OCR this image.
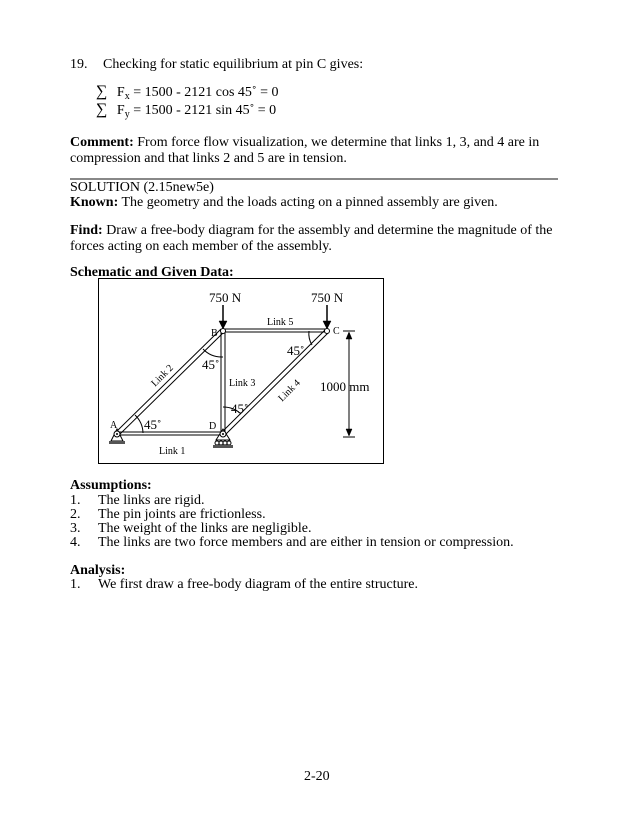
19. Checking for static equilibrium at pin C gives:
∑ $F_x = 1500 - 2121$ cos 45˚ = 0
∑ $F_y = 1500 - 2121$ sin 45˚ = 0
Comment: From force flow visualization, we determine that links 1, 3, and 4 are in
compression and that links 2 and 5 are in tension.
SOLUTION (2.15new5e)
Known: The geometry and the loads acting on a pinned assembly are given.
Find: Draw a free-body diagram for the assembly and determine the magnitude of the
forces acting on each member of the assembly.
Schematic and Given Data:
750 N	750 N
1000 mm
45˚
45˚
45˚
45˚
A
B	C
D
Link 1
Link 5
Link 3
Link 2
Link 4
Assumptions:
1. The links are rigid.
2. The pin joints are frictionless.
3. The weight of the links are negligible.
4. The links are two force members and are either in tension or compression.
Analysis:
1. We first draw a free-body diagram of the entire structure.
2-20
